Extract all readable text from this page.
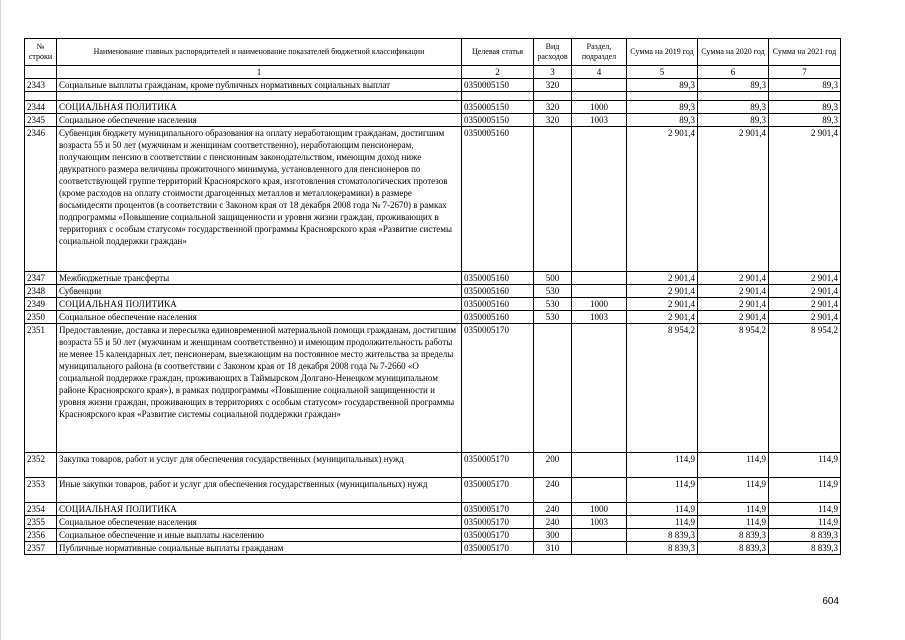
№ строки	Наименование главных распорядителей и наименование показателей бюджетной классификации	Целевая статья	Вид расходов	Раздел, подраздел	Сумма на 2019 год	Сумма на 2020 год	Сумма на 2021 год
	1	2	3	4	5	6	7
2343	Социальные выплаты гражданам, кроме публичных нормативных социальных выплат	0350005150	320		89,3	89,3	89,3

2344	СОЦИАЛЬНАЯ ПОЛИТИКА	0350005150	320	1000	89,3	89,3	89,3
2345	Социальное обеспечение населения	0350005150	320	1003	89,3	89,3	89,3
2346	Субвенция бюджету муниципального образования на оплату неработающим гражданам, достигшим возраста 55 и 50 лет (мужчинам и женщинам соответственно), неработающим пенсионерам, получающим пенсию в соответствии с пенсионным законодательством, имеющим доход ниже двукратного размера величины прожиточного минимума, установленного для пенсионеров по соответствующей группе территорий Красноярского края, изготовления стоматологических протезов (кроме расходов на оплату стоимости драгоценных металлов и металлокерамики) в размере восьмидесяти процентов (в соответствии с Законом края от 18 декабря 2008 года № 7-2670) в рамках подпрограммы «Повышение социальной защищенности и уровня жизни граждан, проживающих в территориях с особым статусом» государственной программы Красноярского края «Развитие системы социальной поддержки граждан»	0350005160			2 901,4	2 901,4	2 901,4
2347	Межбюджетные трансферты	0350005160	500		2 901,4	2 901,4	2 901,4
2348	Субвенции	0350005160	530		2 901,4	2 901,4	2 901,4
2349	СОЦИАЛЬНАЯ ПОЛИТИКА	0350005160	530	1000	2 901,4	2 901,4	2 901,4
2350	Социальное обеспечение населения	0350005160	530	1003	2 901,4	2 901,4	2 901,4
2351	Предоставление, доставка и пересылка единовременной материальной помощи гражданам, достигшим возраста 55 и 50 лет (мужчинам и женщинам соответственно) и имеющим продолжительность работы не менее 15 календарных лет, пенсионерам, выезжающим на постоянное место жительства за пределы муниципального района (в соответствии с Законом края от 18 декабря 2008 года № 7-2660 «О социальной поддержке граждан, проживающих в Таймырском Долгано-Ненецком муниципальном районе Красноярского края»), в рамках подпрограммы «Повышение социальной защищенности и уровня жизни граждан, проживающих в территориях с особым статусом» государственной программы Красноярского края «Развитие системы социальной поддержки граждан»	0350005170			8 954,2	8 954,2	8 954,2
2352	Закупка товаров, работ и услуг для обеспечения государственных (муниципальных) нужд	0350005170	200		114,9	114,9	114,9
2353	Иные закупки товаров, работ и услуг для обеспечения государственных (муниципальных) нужд	0350005170	240		114,9	114,9	114,9
2354	СОЦИАЛЬНАЯ ПОЛИТИКА	0350005170	240	1000	114,9	114,9	114,9
2355	Социальное обеспечение населения	0350005170	240	1003	114,9	114,9	114,9
2356	Социальное обеспечение и иные выплаты населению	0350005170	300		8 839,3	8 839,3	8 839,3
2357	Публичные нормативные социальные выплаты гражданам	0350005170	310		8 839,3	8 839,3	8 839,3
604
